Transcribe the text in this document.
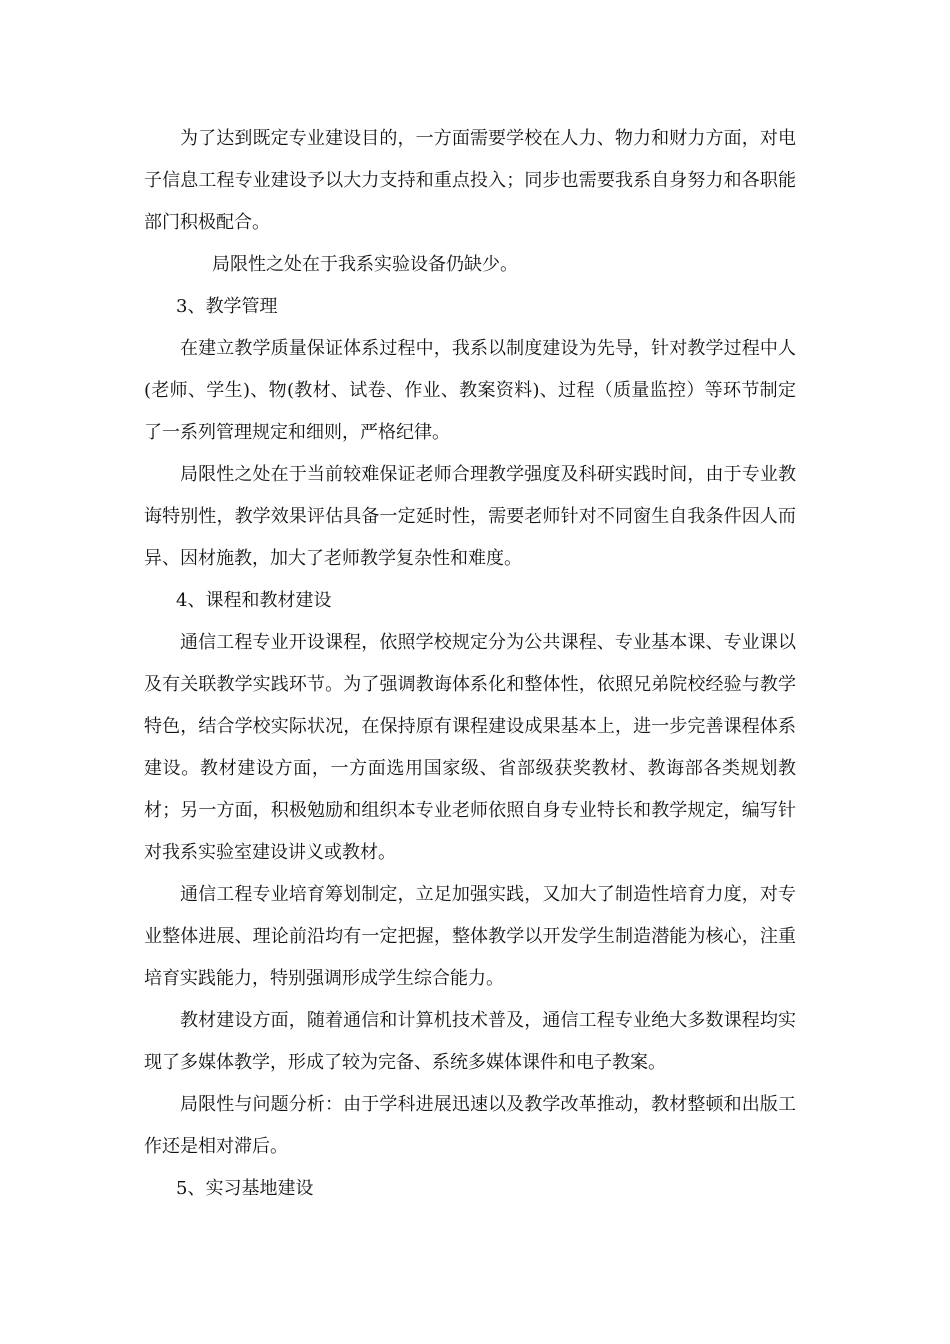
为了达到既定专业建设目的，一方面需要学校在人力、物力和财力方面，对电子信息工程专业建设予以大力支持和重点投入；同步也需要我系自身努力和各职能部门积极配合。

局限性之处在于我系实验设备仍缺少。

3、教学管理

在建立教学质量保证体系过程中，我系以制度建设为先导，针对教学过程中人(老师、学生)、物(教材、试卷、作业、教案资料)、过程（质量监控）等环节制定了一系列管理规定和细则，严格纪律。

局限性之处在于当前较难保证老师合理教学强度及科研实践时间，由于专业教诲特别性，教学效果评估具备一定延时性，需要老师针对不同窗生自我条件因人而异、因材施教，加大了老师教学复杂性和难度。

4、课程和教材建设

通信工程专业开设课程，依照学校规定分为公共课程、专业基本课、专业课以及有关联教学实践环节。为了强调教诲体系化和整体性，依照兄弟院校经验与教学特色，结合学校实际状况，在保持原有课程建设成果基本上，进一步完善课程体系建设。教材建设方面，一方面选用国家级、省部级获奖教材、教诲部各类规划教材；另一方面，积极勉励和组织本专业老师依照自身专业特长和教学规定，编写针对我系实验室建设讲义或教材。

通信工程专业培育筹划制定，立足加强实践，又加大了制造性培育力度，对专业整体进展、理论前沿均有一定把握，整体教学以开发学生制造潜能为核心，注重培育实践能力，特别强调形成学生综合能力。

教材建设方面，随着通信和计算机技术普及，通信工程专业绝大多数课程均实现了多媒体教学，形成了较为完备、系统多媒体课件和电子教案。

局限性与问题分析：由于学科进展迅速以及教学改革推动，教材整顿和出版工作还是相对滞后。

5、实习基地建设
